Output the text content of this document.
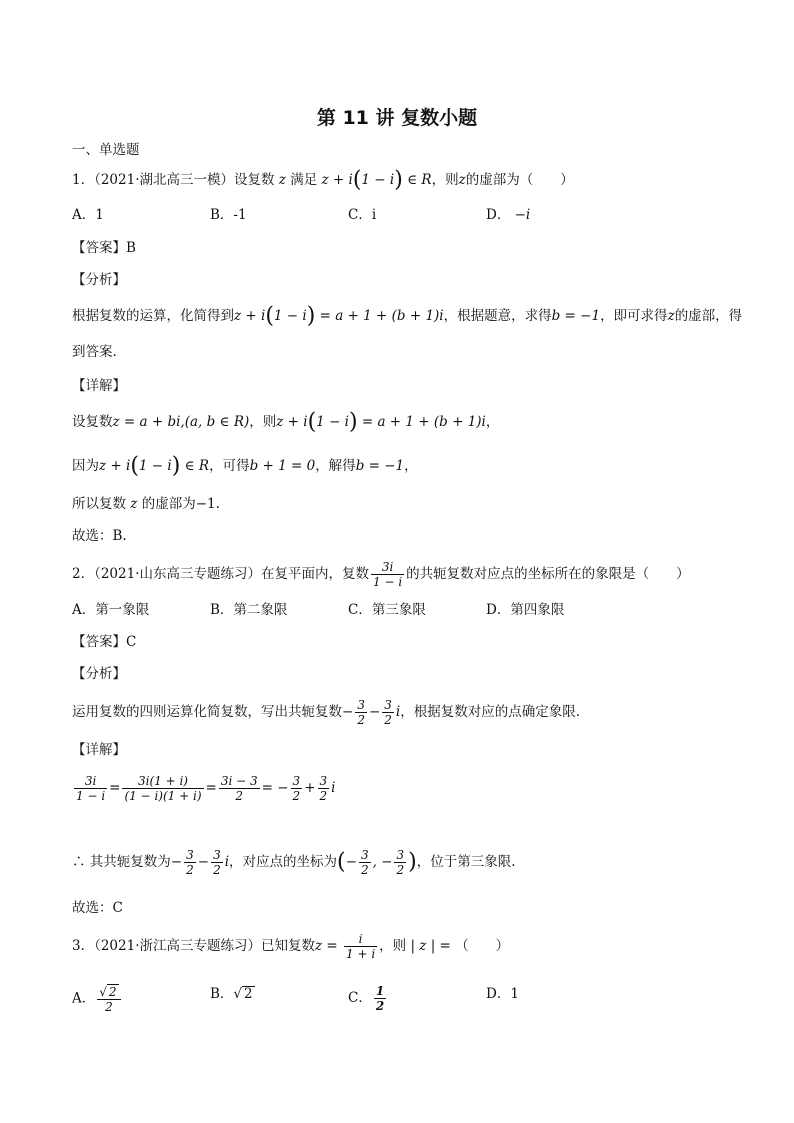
第 11 讲 复数小题
一、单选题
1．（2021·湖北高三一模）设复数 z 满足 z + i(1 − i) ∈ R，则z的虚部为（　　）
A．1	B．-1	C．i	D． −i
【答案】B
【分析】
根据复数的运算，化简得到z + i(1 − i) = a + 1 + (b + 1)i，根据题意，求得b = −1，即可求得z的虚部，得
到答案.
【详解】
设复数z = a + bi,(a, b ∈ R)，则z + i(1 − i) = a + 1 + (b + 1)i，
因为z + i(1 − i) ∈ R，可得b + 1 = 0，解得b = −1，
所以复数 z 的虚部为−1.
故选：B.
2．（2021·山东高三专题练习）在复平面内，复数 $\frac{3i}{1 - i}$ 的共轭复数对应点的坐标所在的象限是（　　）
A．第一象限	B．第二象限	C．第三象限	D．第四象限
【答案】C
【分析】
运用复数的四则运算化简复数，写出共轭复数− $\frac{3}{2} - \frac{3}{2}$ i，根据复数对应的点确定象限.
【详解】
$\frac{3i}{1 - i} = \frac{3i(1 + i)}{(1 - i)(1 + i)} = \frac{3i - 3}{2}$ = − $\frac{3}{2} + \frac{3}{2}$ i
∴ 其共轭复数为− $\frac{3}{2} - \frac{3}{2}$ i，对应点的坐标为(− $\frac{3}{2}$ , − $\frac{3}{2}$ )，位于第三象限.
故选：C
3．（2021·浙江高三专题练习）已知复数$z = \frac{i}{1 + i}$ ，则 | z | = （　　）
A． $\frac{√ 2}{2}$	B．√ 2	C． $\frac{1}{2}$	D．1
